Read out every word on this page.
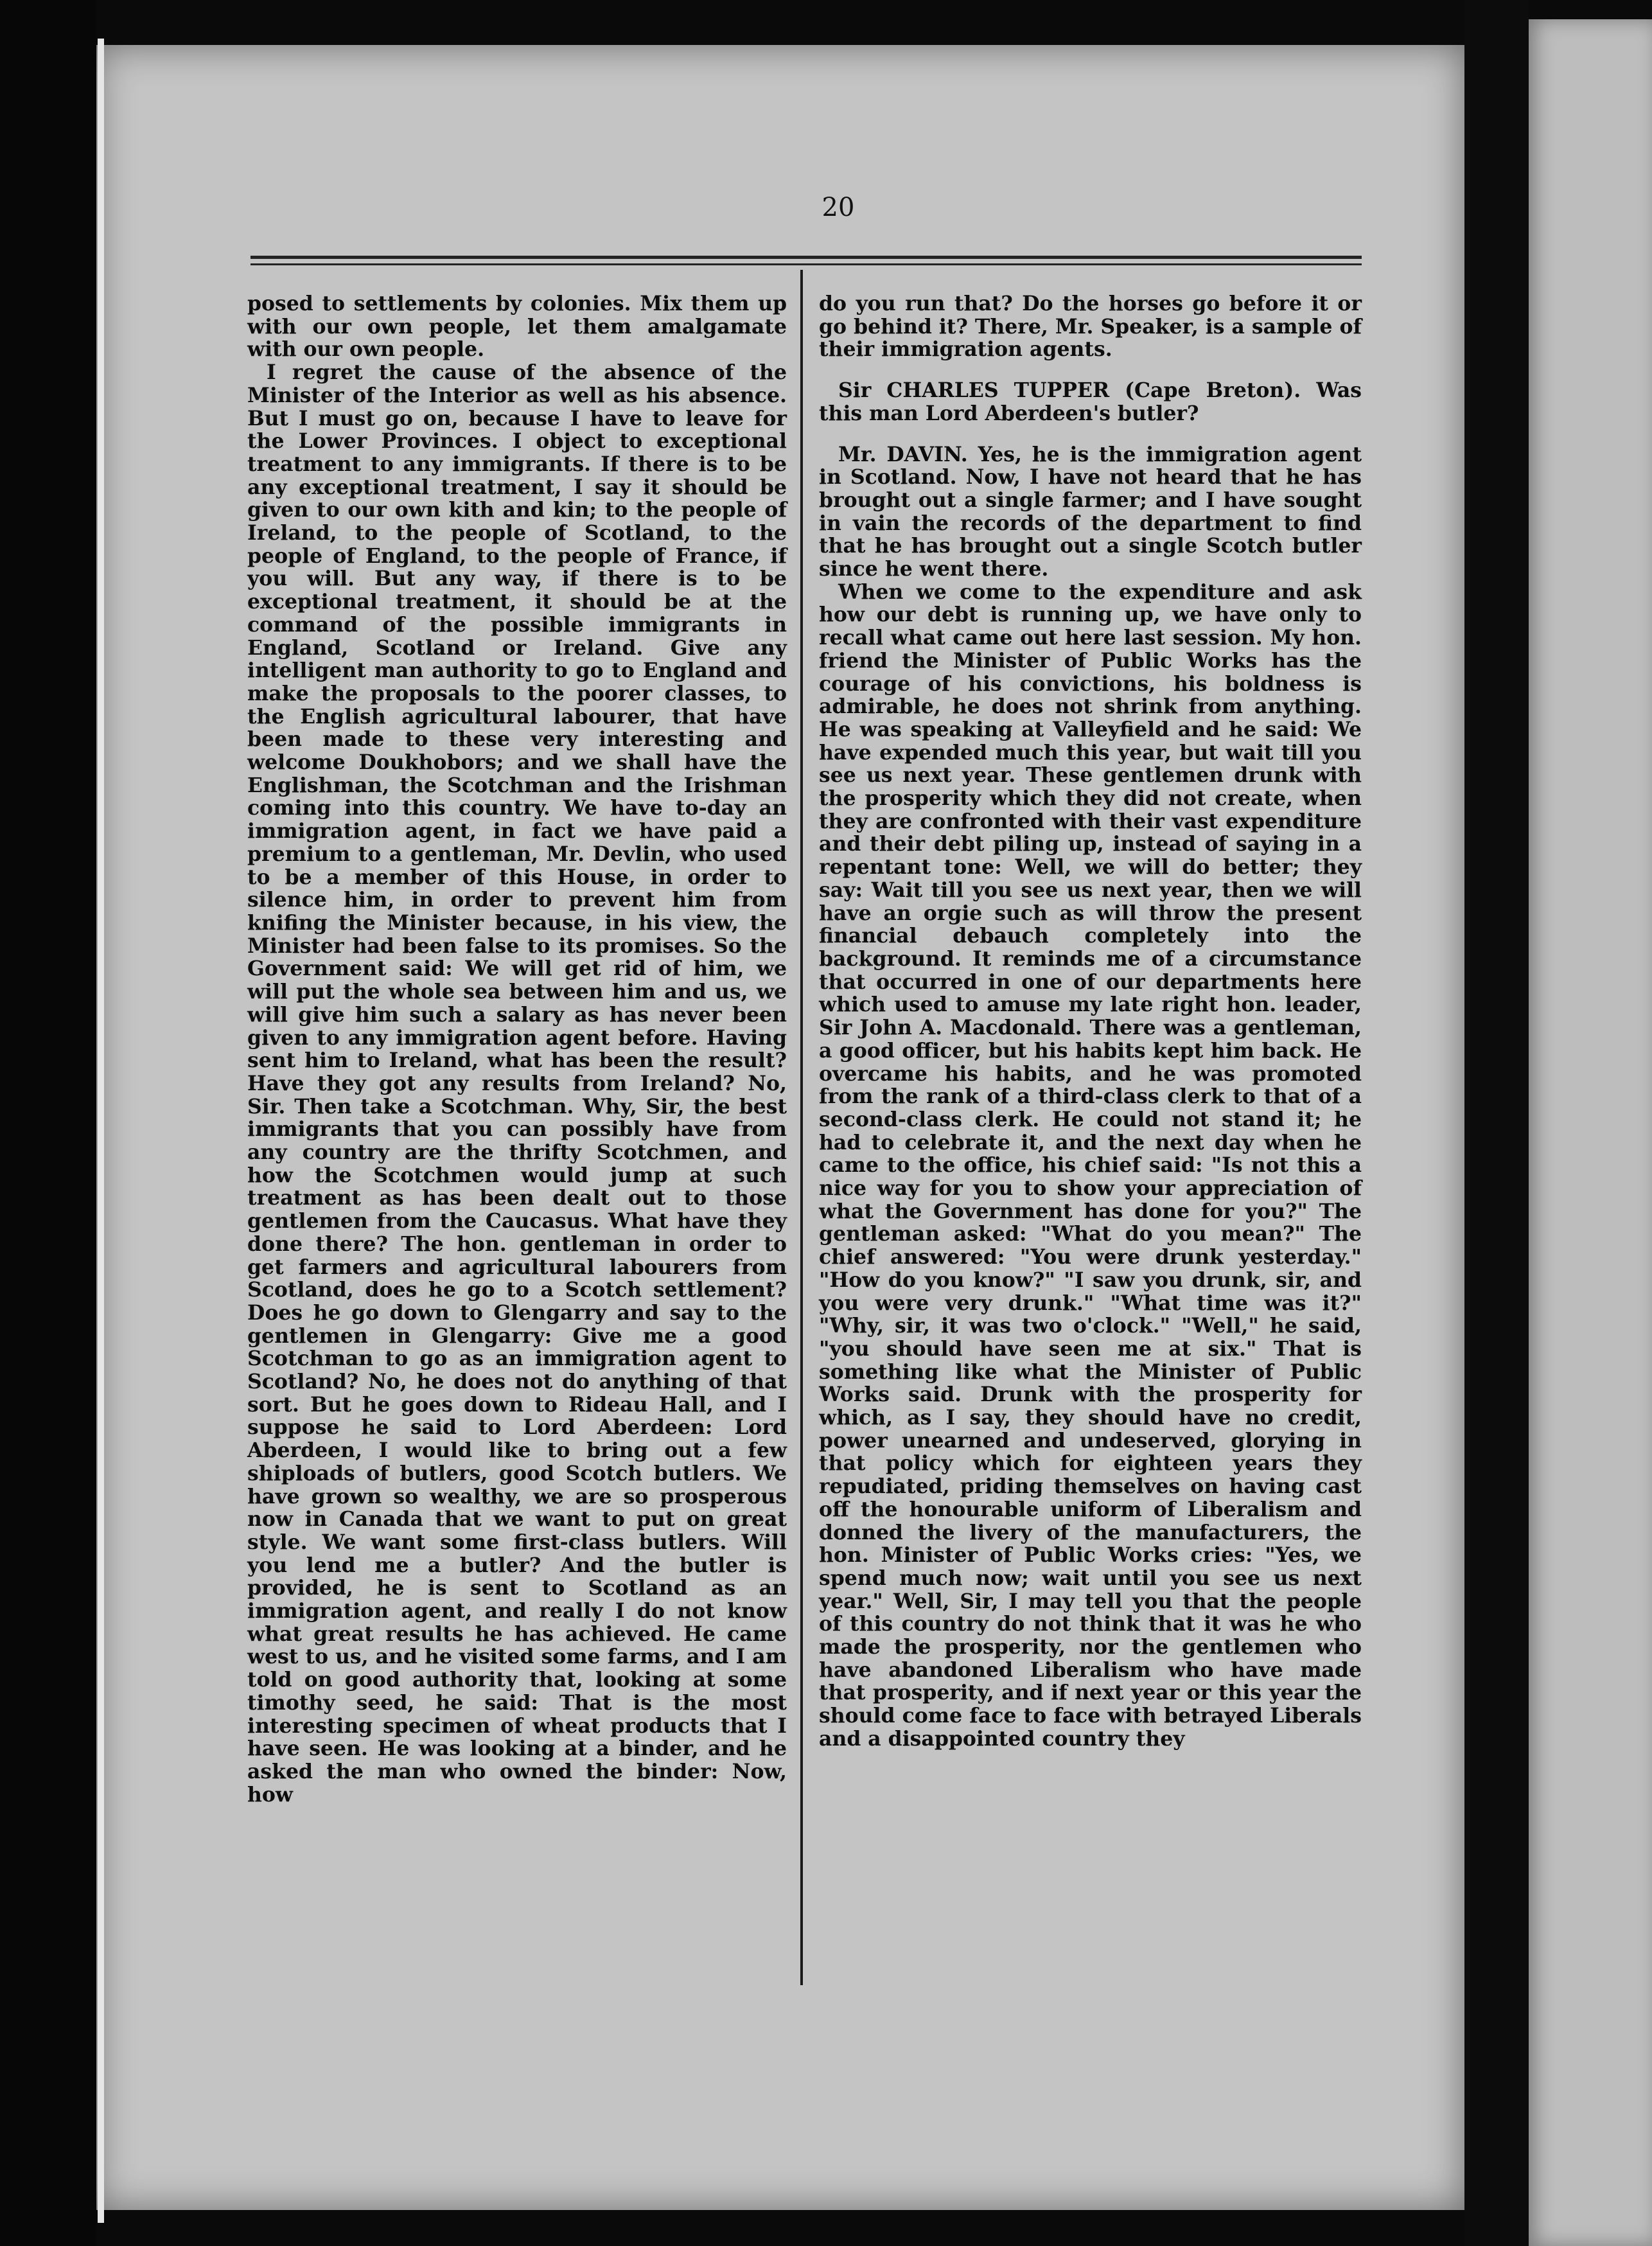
20

posed to settlements by colonies. Mix them up with our own people, let them amalgamate with our own people.

I regret the cause of the absence of the Minister of the Interior as well as his absence. But I must go on, because I have to leave for the Lower Provinces. I object to exceptional treatment to any immigrants. If there is to be any exceptional treatment, I say it should be given to our own kith and kin; to the people of Ireland, to the people of Scotland, to the people of England, to the people of France, if you will. But any way, if there is to be exceptional treatment, it should be at the command of the possible immigrants in England, Scotland or Ireland. Give any intelligent man authority to go to England and make the proposals to the poorer classes, to the English agricultural labourer, that have been made to these very interesting and welcome Doukhobors; and we shall have the Englishman, the Scotchman and the Irishman coming into this country. We have to-day an immigration agent, in fact we have paid a premium to a gentleman, Mr. Devlin, who used to be a member of this House, in order to silence him, in order to prevent him from knifing the Minister because, in his view, the Minister had been false to its promises. So the Government said: We will get rid of him, we will put the whole sea between him and us, we will give him such a salary as has never been given to any immigration agent before. Having sent him to Ireland, what has been the result? Have they got any results from Ireland? No, Sir. Then take a Scotchman. Why, Sir, the best immigrants that you can possibly have from any country are the thrifty Scotchmen, and how the Scotchmen would jump at such treatment as has been dealt out to those gentlemen from the Caucasus. What have they done there? The hon. gentleman in order to get farmers and agricultural labourers from Scotland, does he go to a Scotch settlement? Does he go down to Glengarry and say to the gentlemen in Glengarry: Give me a good Scotchman to go as an immigration agent to Scotland? No, he does not do anything of that sort. But he goes down to Rideau Hall, and I suppose he said to Lord Aberdeen: Lord Aberdeen, I would like to bring out a few shiploads of butlers, good Scotch butlers. We have grown so wealthy, we are so prosperous now in Canada that we want to put on great style. We want some first-class butlers. Will you lend me a butler? And the butler is provided, he is sent to Scotland as an immigration agent, and really I do not know what great results he has achieved. He came west to us, and he visited some farms, and I am told on good authority that, looking at some timothy seed, he said: That is the most interesting specimen of wheat products that I have seen. He was looking at a binder, and he asked the man who owned the binder: Now, how

do you run that? Do the horses go before it or go behind it? There, Mr. Speaker, is a sample of their immigration agents.

Sir CHARLES TUPPER (Cape Breton). Was this man Lord Aberdeen's butler?

Mr. DAVIN. Yes, he is the immigration agent in Scotland. Now, I have not heard that he has brought out a single farmer; and I have sought in vain the records of the department to find that he has brought out a single Scotch butler since he went there.

When we come to the expenditure and ask how our debt is running up, we have only to recall what came out here last session. My hon. friend the Minister of Public Works has the courage of his convictions, his boldness is admirable, he does not shrink from anything. He was speaking at Valleyfield and he said: We have expended much this year, but wait till you see us next year. These gentlemen drunk with the prosperity which they did not create, when they are confronted with their vast expenditure and their debt piling up, instead of saying in a repentant tone: Well, we will do better; they say: Wait till you see us next year, then we will have an orgie such as will throw the present financial debauch completely into the background. It reminds me of a circumstance that occurred in one of our departments here which used to amuse my late right hon. leader, Sir John A. Macdonald. There was a gentleman, a good officer, but his habits kept him back. He overcame his habits, and he was promoted from the rank of a third-class clerk to that of a second-class clerk. He could not stand it; he had to celebrate it, and the next day when he came to the office, his chief said: "Is not this a nice way for you to show your appreciation of what the Government has done for you?" The gentleman asked: "What do you mean?" The chief answered: "You were drunk yesterday." "How do you know?" "I saw you drunk, sir, and you were very drunk." "What time was it?" "Why, sir, it was two o'clock." "Well," he said, "you should have seen me at six." That is something like what the Minister of Public Works said. Drunk with the prosperity for which, as I say, they should have no credit, power unearned and undeserved, glorying in that policy which for eighteen years they repudiated, priding themselves on having cast off the honourable uniform of Liberalism and donned the livery of the manufacturers, the hon. Minister of Public Works cries: "Yes, we spend much now; wait until you see us next year." Well, Sir, I may tell you that the people of this country do not think that it was he who made the prosperity, nor the gentlemen who have abandoned Liberalism who have made that prosperity, and if next year or this year the should come face to face with betrayed Liberals and a disappointed country they
